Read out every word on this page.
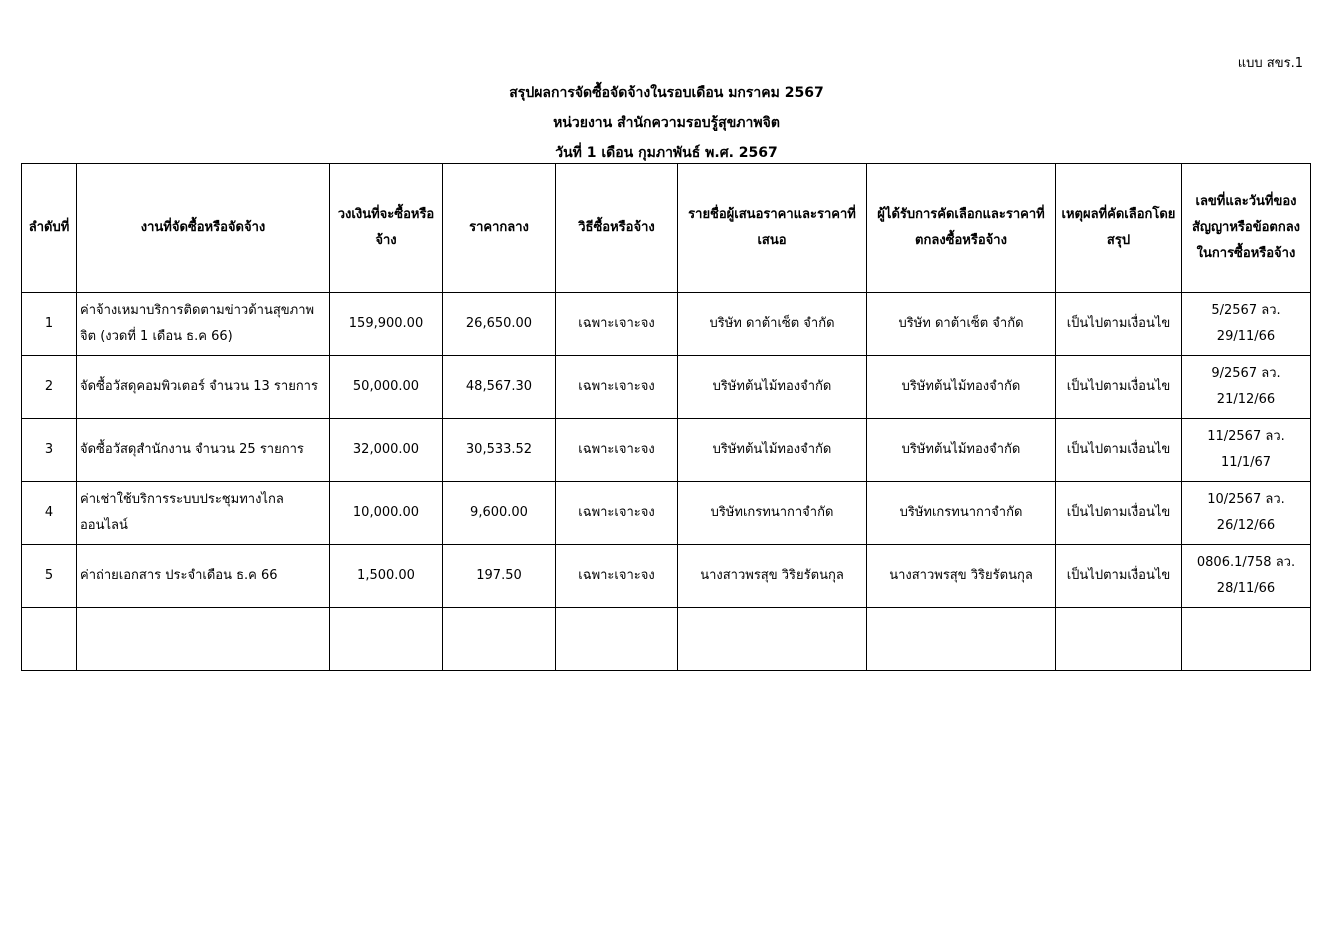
แบบ สขร.1
สรุปผลการจัดซื้อจัดจ้างในรอบเดือน มกราคม 2567
หน่วยงาน สำนักความรอบรู้สุขภาพจิต
วันที่ 1 เดือน กุมภาพันธ์ พ.ศ. 2567
ลำดับที่	งานที่จัดซื้อหรือจัดจ้าง	วงเงินที่จะซื้อหรือจ้าง	ราคากลาง	วิธีซื้อหรือจ้าง	รายชื่อผู้เสนอราคาและราคาที่เสนอ	ผู้ได้รับการคัดเลือกและราคาที่ตกลงซื้อหรือจ้าง	เหตุผลที่คัดเลือกโดยสรุป	เลขที่และวันที่ของสัญญาหรือข้อตกลงในการซื้อหรือจ้าง
1	ค่าจ้างเหมาบริการติดตามข่าวด้านสุขภาพจิต (งวดที่ 1 เดือน ธ.ค 66)	159,900.00	26,650.00	เฉพาะเจาะจง	บริษัท ดาต้าเซ็ต จำกัด	บริษัท ดาต้าเซ็ต จำกัด	เป็นไปตามเงื่อนไข	5/2567 ลว. 29/11/66
2	จัดซื้อวัสดุคอมพิวเตอร์ จำนวน 13 รายการ	50,000.00	48,567.30	เฉพาะเจาะจง	บริษัทต้นไม้ทองจำกัด	บริษัทต้นไม้ทองจำกัด	เป็นไปตามเงื่อนไข	9/2567 ลว. 21/12/66
3	จัดซื้อวัสดุสำนักงาน จำนวน 25 รายการ	32,000.00	30,533.52	เฉพาะเจาะจง	บริษัทต้นไม้ทองจำกัด	บริษัทต้นไม้ทองจำกัด	เป็นไปตามเงื่อนไข	11/2567 ลว. 11/1/67
4	ค่าเช่าใช้บริการระบบประชุมทางไกลออนไลน์	10,000.00	9,600.00	เฉพาะเจาะจง	บริษัทเกรทนากาจำกัด	บริษัทเกรทนากาจำกัด	เป็นไปตามเงื่อนไข	10/2567 ลว. 26/12/66
5	ค่าถ่ายเอกสาร ประจำเดือน ธ.ค 66	1,500.00	197.50	เฉพาะเจาะจง	นางสาวพรสุข วิริยรัตนกุล	นางสาวพรสุข วิริยรัตนกุล	เป็นไปตามเงื่อนไข	0806.1/758 ลว. 28/11/66
